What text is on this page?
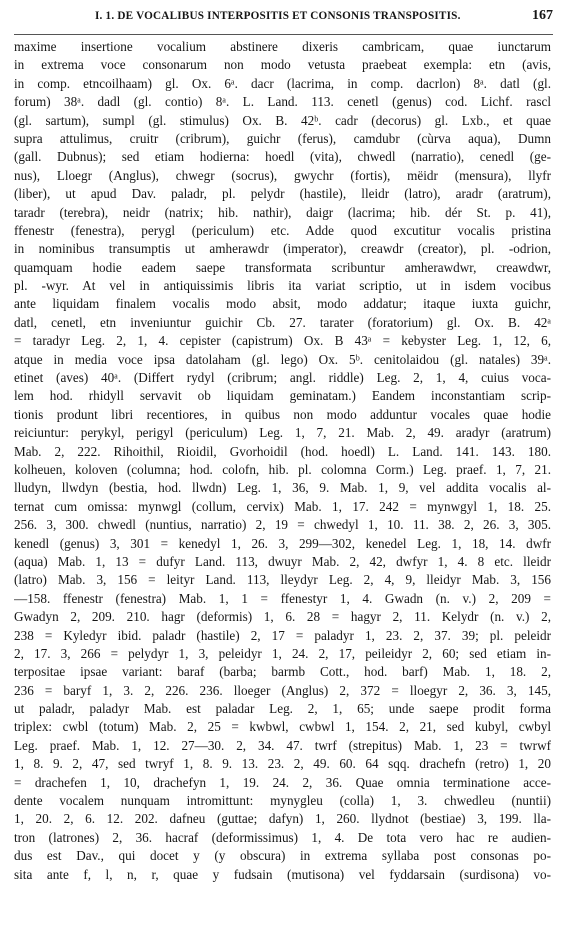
I. 1. DE VOCALIBUS INTERPOSITIS ET CONSONIS TRANSPOSITIS.	167
maxime insertione vocalium abstinere dixeris cambricam, quae iunctarum
in extrema voce consonarum non modo vetusta praebeat exempla: etn (avis,
in comp. etncoilhaam) gl. Ox. 6ᵃ. dacr (lacrima, in comp. dacrlon) 8ᵃ. datl (gl.
forum) 38ᵃ. dadl (gl. contio) 8ᵃ. L. Land. 113. cenetl (genus) cod. Lichf. rascl
(gl. sartum), sumpl (gl. stimulus) Ox. B. 42ᵇ. cadr (decorus) gl. Lxb., et quae
supra attulimus, cruitr (cribrum), guichr (ferus), camdubr (cùrva aqua), Dumn
(gall. Dubnus); sed etiam hodierna: hoedl (vita), chwedl (narratio), cenedl (ge-
nus), Lloegr (Anglus), chwegr (socrus), gwychr (fortis), mëidr (mensura), llyfr
(liber), ut apud Dav. paladr, pl. pelydr (hastile), lleidr (latro), aradr (aratrum),
taradr (terebra), neidr (natrix; hib. nathir), daigr (lacrima; hib. dér St. p. 41),
ffenestr (fenestra), perygl (periculum) etc. Adde quod excutitur vocalis pristina
in nominibus transumptis ut amherawdr (imperator), creawdr (creator), pl. -odrion,
quamquam hodie eadem saepe transformata scribuntur amherawdwr, creawdwr,
pl. -wyr. At vel in antiquissimis libris ita variat scriptio, ut in isdem vocibus
ante liquidam finalem vocalis modo absit, modo addatur; itaque iuxta guichr,
datl, cenetl, etn inveniuntur guichir Cb. 27. tarater (foratorium) gl. Ox. B. 42ᵃ
= taradyr Leg. 2, 1, 4. cepister (capistrum) Ox. B 43ᵃ = kebyster Leg. 1, 12, 6,
atque in media voce ipsa datolaham (gl. lego) Ox. 5ᵇ. cenitolaidou (gl. natales) 39ᵃ.
etinet (aves) 40ᵃ. (Differt rydyl (cribrum; angl. riddle) Leg. 2, 1, 4, cuius voca-
lem hod. rhidyll servavit ob liquidam geminatam.) Eandem inconstantiam scrip-
tionis produnt libri recentiores, in quibus non modo adduntur vocales quae hodie
reiciuntur: perykyl, perigyl (periculum) Leg. 1, 7, 21. Mab. 2, 49. aradyr (aratrum)
Mab. 2, 222. Rihoithil, Rioidil, Gvorhoidil (hod. hoedl) L. Land. 141. 143. 180.
kolheuen, koloven (columna; hod. colofn, hib. pl. colomna Corm.) Leg. praef. 1, 7, 21.
lludyn, llwdyn (bestia, hod. llwdn) Leg. 1, 36, 9. Mab. 1, 9, vel addita vocalis al-
ternat cum omissa: mynwgl (collum, cervix) Mab. 1, 17. 242 = mynwgyl 1, 18. 25.
256. 3, 300. chwedl (nuntius, narratio) 2, 19 = chwedyl 1, 10. 11. 38. 2, 26. 3, 305.
kenedl (genus) 3, 301 = kenedyl 1, 26. 3, 299—302, kenedel Leg. 1, 18, 14. dwfr
(aqua) Mab. 1, 13 = dufyr Land. 113, dwuyr Mab. 2, 42, dwfyr 1, 4. 8 etc. lleidr
(latro) Mab. 3, 156 = leityr Land. 113, lleydyr Leg. 2, 4, 9, lleidyr Mab. 3, 156
—158. ffenestr (fenestra) Mab. 1, 1 = ffenestyr 1, 4. Gwadn (n. v.) 2, 209 =
Gwadyn 2, 209. 210. hagr (deformis) 1, 6. 28 = hagyr 2, 11. Kelydr (n. v.) 2,
238 = Kyledyr ibid. paladr (hastile) 2, 17 = paladyr 1, 23. 2, 37. 39; pl. peleidr
2, 17. 3, 266 = pelydyr 1, 3, peleidyr 1, 24. 2, 17, peileidyr 2, 60; sed etiam in-
terpositae ipsae variant: baraf (barba; barmb Cott., hod. barf) Mab. 1, 18. 2,
236 = baryf 1, 3. 2, 226. 236. lloeger (Anglus) 2, 372 = lloegyr 2, 36. 3, 145,
ut paladr, paladyr Mab. est paladar Leg. 2, 1, 65; unde saepe prodit forma
triplex: cwbl (totum) Mab. 2, 25 = kwbwl, cwbwl 1, 154. 2, 21, sed kubyl, cwbyl
Leg. praef. Mab. 1, 12. 27—30. 2, 34. 47. twrf (strepitus) Mab. 1, 23 = twrwf
1, 8. 9. 2, 47, sed twryf 1, 8. 9. 13. 23. 2, 49. 60. 64 sqq. drachefn (retro) 1, 20
= drachefen 1, 10, drachefyn 1, 19. 24. 2, 36. Quae omnia terminatione acce-
dente vocalem nunquam intromittunt: mynygleu (colla) 1, 3. chwedleu (nuntii)
1, 20. 2, 6. 12. 202. dafneu (guttae; dafyn) 1, 260. llydnot (bestiae) 3, 199. lla-
tron (latrones) 2, 36. hacraf (deformissimus) 1, 4. De tota vero hac re audien-
dus est Dav., qui docet y (y obscura) in extrema syllaba post consonas po-
sita ante f, l, n, r, quae y fudsain (mutisona) vel fyddarsain (surdisona) vo-
